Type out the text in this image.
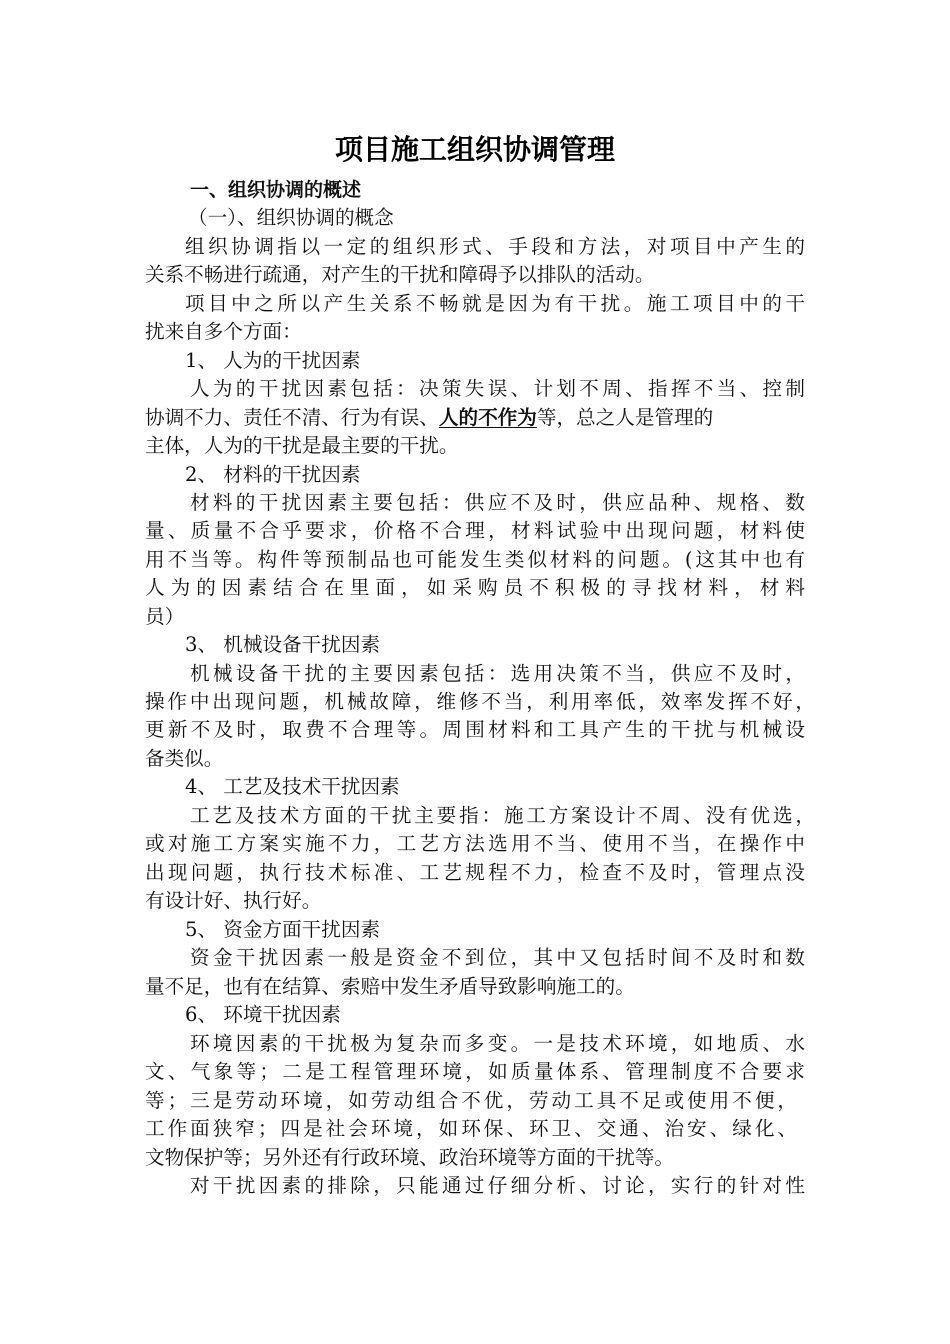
项目施工组织协调管理
一、组织协调的概述
（一）、组织协调的概念
组织协调指以一定的组织形式、手段和方法，对项目中产生的
关系不畅进行疏通，对产生的干扰和障碍予以排队的活动。
项目中之所以产生关系不畅就是因为有干扰。施工项目中的干
扰来自多个方面：
1、 人为的干扰因素
人为的干扰因素包括：决策失误、计划不周、指挥不当、控制
协调不力、责任不清、行为有误、人的不作为等，总之人是管理的
主体，人为的干扰是最主要的干扰。
2、 材料的干扰因素
材料的干扰因素主要包括：供应不及时，供应品种、规格、数
量、质量不合乎要求，价格不合理，材料试验中出现问题，材料使
用不当等。构件等预制品也可能发生类似材料的问题。(这其中也有
人为的因素结合在里面，如采购员不积极的寻找材料，材料
员）
3、 机械设备干扰因素
机械设备干扰的主要因素包括：选用决策不当，供应不及时，
操作中出现问题，机械故障，维修不当，利用率低，效率发挥不好，
更新不及时，取费不合理等。周围材料和工具产生的干扰与机械设
备类似。
4、 工艺及技术干扰因素
工艺及技术方面的干扰主要指：施工方案设计不周、没有优选，
或对施工方案实施不力，工艺方法选用不当、使用不当，在操作中
出现问题，执行技术标准、工艺规程不力，检查不及时，管理点没
有设计好、执行好。
5、 资金方面干扰因素
资金干扰因素一般是资金不到位，其中又包括时间不及时和数
量不足，也有在结算、索赔中发生矛盾导致影响施工的。
6、 环境干扰因素
环境因素的干扰极为复杂而多变。一是技术环境，如地质、水
文、气象等；二是工程管理环境，如质量体系、管理制度不合要求
等；三是劳动环境，如劳动组合不优，劳动工具不足或使用不便，
工作面狭窄；四是社会环境，如环保、环卫、交通、治安、绿化、
文物保护等；另外还有行政环境、政治环境等方面的干扰等。
对干扰因素的排除，只能通过仔细分析、讨论，实行的针对性
